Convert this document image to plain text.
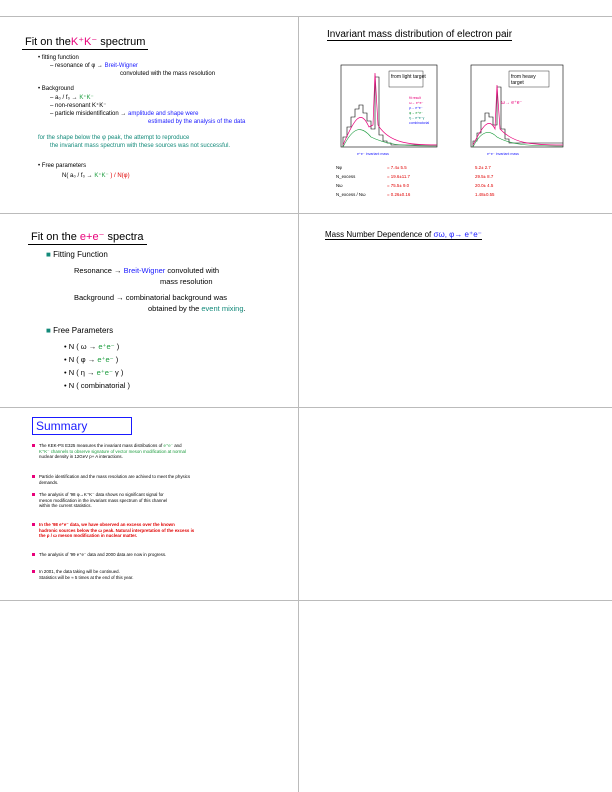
Fit on theK⁺K⁻ spectrum
• fitting function
– resonance of φ → Breit-Wigner
convoluted with the mass resolution
• Background
– a₀ / f₀ → K⁺K⁻
– non-resonant K⁺K⁻
– particle misidentification → amplitude and shape were
estimated by the analysis of the data
for the shape below the φ peak, the attempt to reproduce
the invariant mass spectrum with these sources was not successful.
• Free parameters
N( a₀ / f₀ → K⁺K⁻ ) / N(φ)
Invariant mass distribution of electron pair
from light target
fit result
ω→ e⁺e⁻
ρ→ e⁺e⁻
φ→ e⁺e⁻
η→ e⁺e⁻γ
combinatorial
e⁺e⁻ invariant mass
from heavy
target
ω→ e⁺e⁻
e⁺e⁻ invariant mass
Nφ
N_excess
Nω
N_excess / Nω
= 7.4± 5.5
= 19.6±11.7
= 75.5± 9.0
= 0.26±0.16
5.2± 2.7
29.5± 8.7
20.0± 4.5
1.48±0.55
Fit on the e+e⁻ spectra
■ Fitting Function
Resonance → Breit-Wigner convoluted with
mass resolution
Background → combinatorial background was
obtained by the event mixing.
■ Free Parameters
• N ( ω → e⁺e⁻ )
• N ( φ → e⁺e⁻ )
• N ( η → e⁺e⁻ γ )
• N ( combinatorial )
Mass Number Dependence of σω, φ→ e⁺e⁻
Summary
The KEK-PS E325 measures the invariant mass distributions of e⁺e⁻ and
K⁺K⁻ channels to observe signature of vector meson modification at normal
nuclear density in 12GeV p+ A interactions.
Particle identification and the mass resolution are achived to meet the physics
demands.
The analysis of '98 φ→K⁺K⁻ data shows no significant signal for
meson modification in the invariant mass spectrum of this channel
within the current statistics.
In the '98 e⁺e⁻ data, we have observed an excess over the known
hadronic sources below the ω peak. Natural interpretation of the excess is
the ρ / ω meson modification in nuclear matter.
The analysis of '99 e⁺e⁻ data and 2000 data are now in progress.
In 2001, the data taking will be continued.
Statistics will be ≈ 5 times at the end of this year.
